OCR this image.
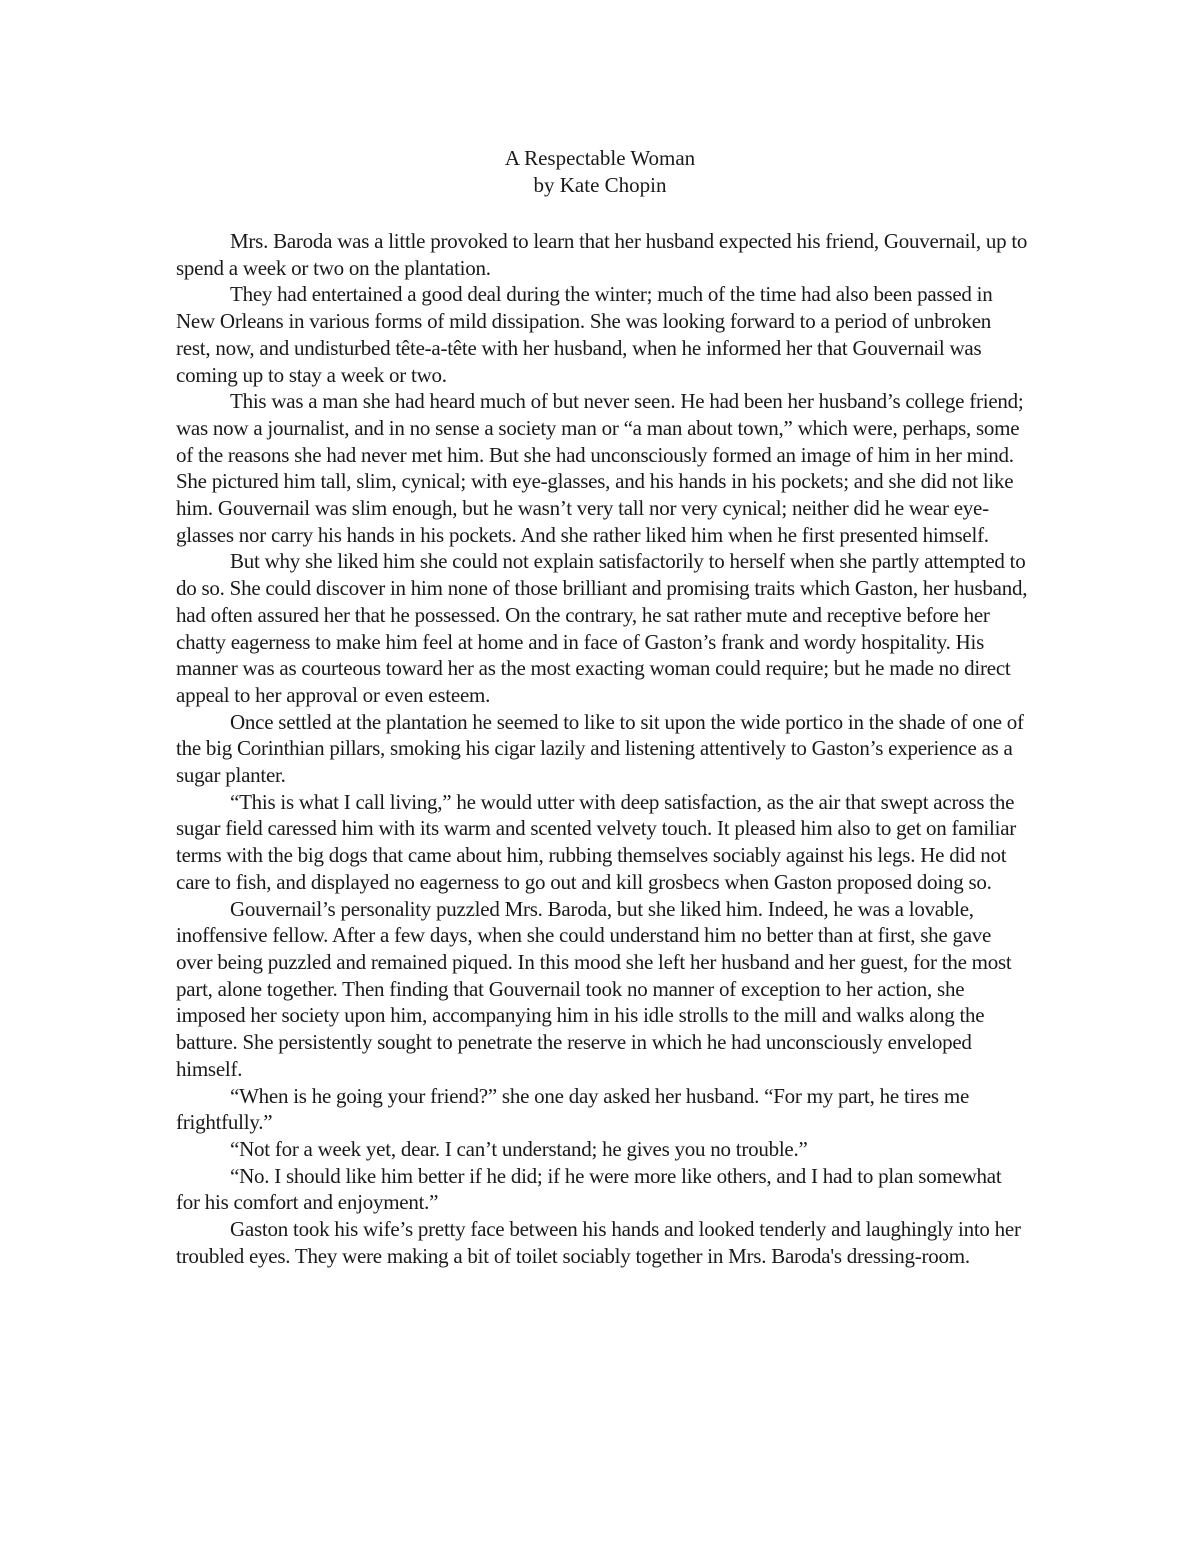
A Respectable Woman
by Kate Chopin

Mrs. Baroda was a little provoked to learn that her husband expected his friend, Gouvernail, up to spend a week or two on the plantation.

They had entertained a good deal during the winter; much of the time had also been passed in New Orleans in various forms of mild dissipation. She was looking forward to a period of unbroken rest, now, and undisturbed tête-a-tête with her husband, when he informed her that Gouvernail was coming up to stay a week or two.

This was a man she had heard much of but never seen. He had been her husband’s college friend; was now a journalist, and in no sense a society man or “a man about town,” which were, perhaps, some of the reasons she had never met him. But she had unconsciously formed an image of him in her mind. She pictured him tall, slim, cynical; with eye-glasses, and his hands in his pockets; and she did not like him. Gouvernail was slim enough, but he wasn’t very tall nor very cynical; neither did he wear eye-glasses nor carry his hands in his pockets. And she rather liked him when he first presented himself.

But why she liked him she could not explain satisfactorily to herself when she partly attempted to do so. She could discover in him none of those brilliant and promising traits which Gaston, her husband, had often assured her that he possessed. On the contrary, he sat rather mute and receptive before her chatty eagerness to make him feel at home and in face of Gaston’s frank and wordy hospitality. His manner was as courteous toward her as the most exacting woman could require; but he made no direct appeal to her approval or even esteem.

Once settled at the plantation he seemed to like to sit upon the wide portico in the shade of one of the big Corinthian pillars, smoking his cigar lazily and listening attentively to Gaston’s experience as a sugar planter.

“This is what I call living,” he would utter with deep satisfaction, as the air that swept across the sugar field caressed him with its warm and scented velvety touch. It pleased him also to get on familiar terms with the big dogs that came about him, rubbing themselves sociably against his legs. He did not care to fish, and displayed no eagerness to go out and kill grosbecs when Gaston proposed doing so.

Gouvernail’s personality puzzled Mrs. Baroda, but she liked him. Indeed, he was a lovable, inoffensive fellow. After a few days, when she could understand him no better than at first, she gave over being puzzled and remained piqued. In this mood she left her husband and her guest, for the most part, alone together. Then finding that Gouvernail took no manner of exception to her action, she imposed her society upon him, accompanying him in his idle strolls to the mill and walks along the batture. She persistently sought to penetrate the reserve in which he had unconsciously enveloped himself.

“When is he going your friend?” she one day asked her husband. “For my part, he tires me frightfully.”

“Not for a week yet, dear. I can’t understand; he gives you no trouble.”

“No. I should like him better if he did; if he were more like others, and I had to plan somewhat for his comfort and enjoyment.”

Gaston took his wife’s pretty face between his hands and looked tenderly and laughingly into her troubled eyes. They were making a bit of toilet sociably together in Mrs. Baroda's dressing-room.
